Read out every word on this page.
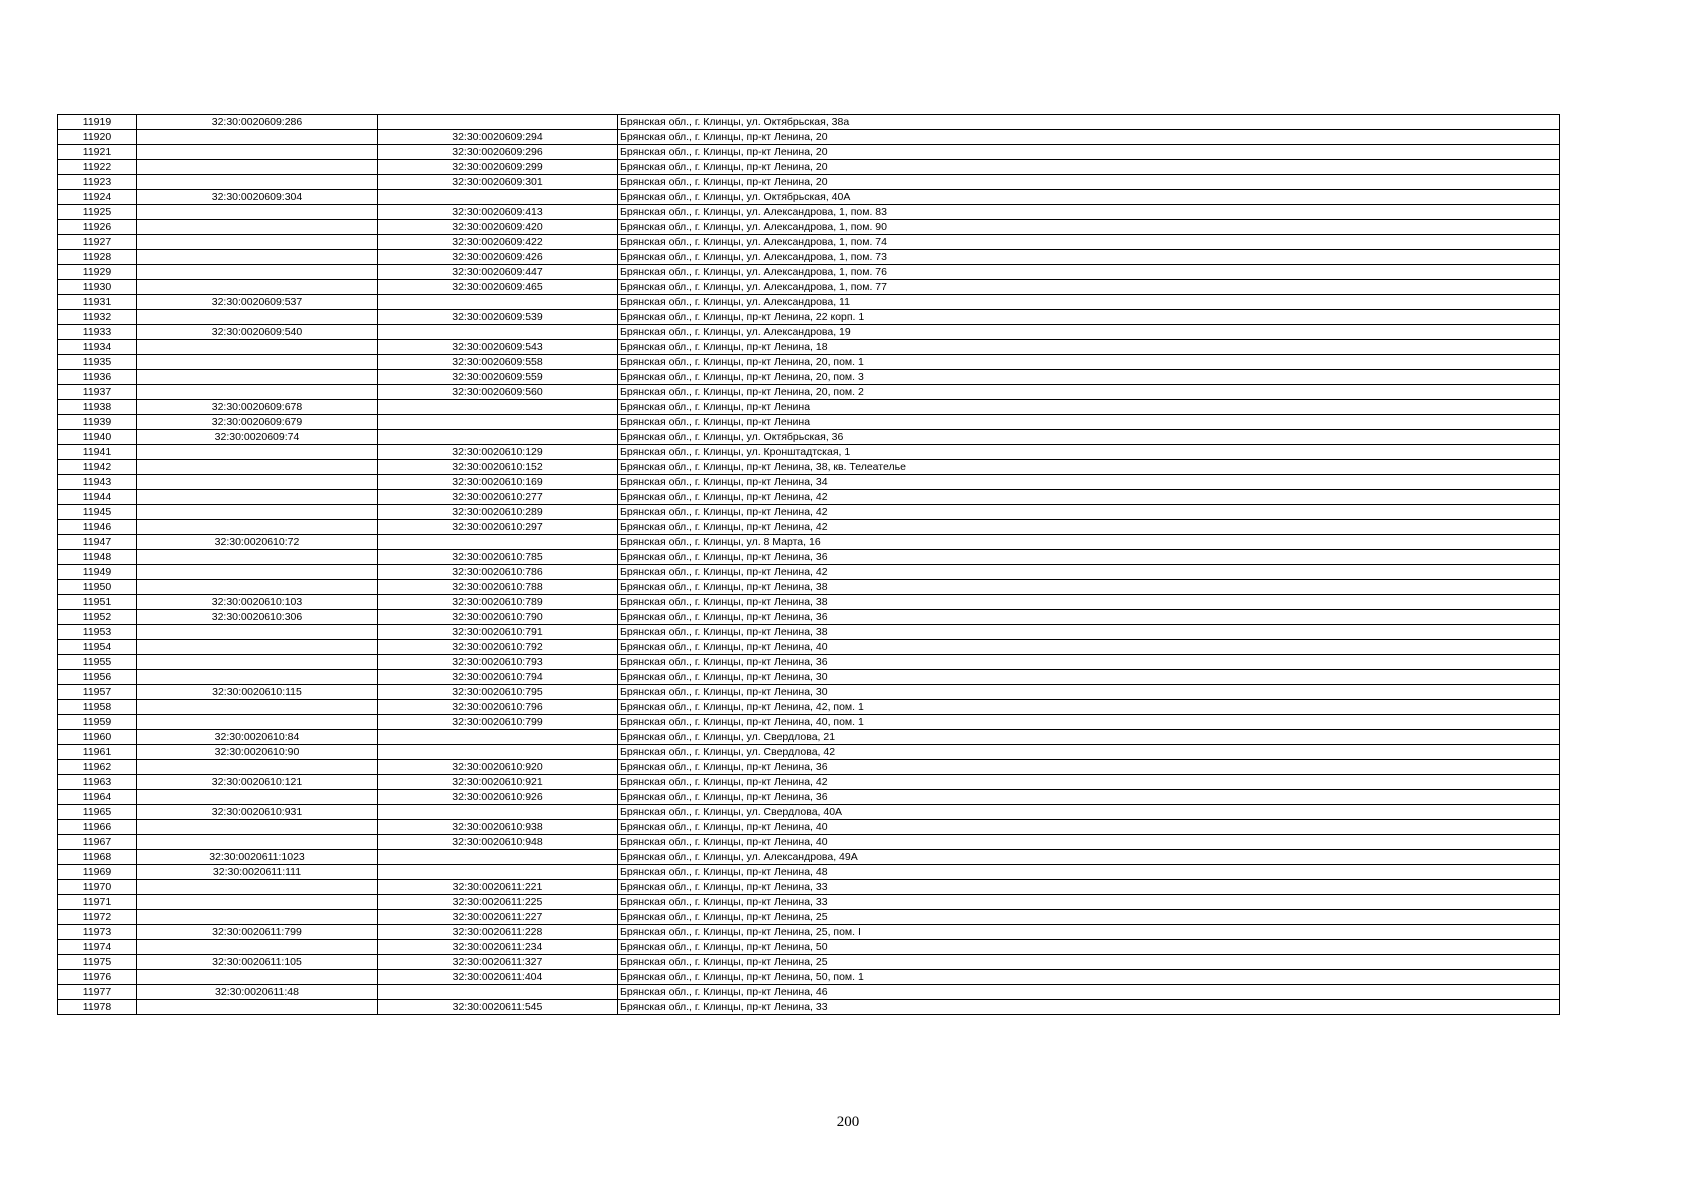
11919	32:30:0020609:286		Брянская обл., г. Клинцы, ул. Октябрьская, 38а
11920		32:30:0020609:294	Брянская обл., г. Клинцы, пр-кт Ленина, 20
11921		32:30:0020609:296	Брянская обл., г. Клинцы, пр-кт Ленина, 20
11922		32:30:0020609:299	Брянская обл., г. Клинцы, пр-кт Ленина, 20
11923		32:30:0020609:301	Брянская обл., г. Клинцы, пр-кт Ленина, 20
11924	32:30:0020609:304		Брянская обл., г. Клинцы, ул. Октябрьская, 40А
11925		32:30:0020609:413	Брянская обл., г. Клинцы, ул. Александрова, 1, пом. 83
11926		32:30:0020609:420	Брянская обл., г. Клинцы, ул. Александрова, 1, пом. 90
11927		32:30:0020609:422	Брянская обл., г. Клинцы, ул. Александрова, 1, пом. 74
11928		32:30:0020609:426	Брянская обл., г. Клинцы, ул. Александрова, 1, пом. 73
11929		32:30:0020609:447	Брянская обл., г. Клинцы, ул. Александрова, 1, пом. 76
11930		32:30:0020609:465	Брянская обл., г. Клинцы, ул. Александрова, 1, пом. 77
11931	32:30:0020609:537		Брянская обл., г. Клинцы, ул. Александрова, 11
11932		32:30:0020609:539	Брянская обл., г. Клинцы, пр-кт Ленина, 22 корп. 1
11933	32:30:0020609:540		Брянская обл., г. Клинцы, ул. Александрова, 19
11934		32:30:0020609:543	Брянская обл., г. Клинцы, пр-кт Ленина, 18
11935		32:30:0020609:558	Брянская обл., г. Клинцы, пр-кт Ленина, 20, пом. 1
11936		32:30:0020609:559	Брянская обл., г. Клинцы, пр-кт Ленина, 20, пом. 3
11937		32:30:0020609:560	Брянская обл., г. Клинцы, пр-кт Ленина, 20, пом. 2
11938	32:30:0020609:678		Брянская обл., г. Клинцы, пр-кт Ленина
11939	32:30:0020609:679		Брянская обл., г. Клинцы, пр-кт Ленина
11940	32:30:0020609:74		Брянская обл., г. Клинцы, ул. Октябрьская, 36
11941		32:30:0020610:129	Брянская обл., г. Клинцы, ул. Кронштадтская, 1
11942		32:30:0020610:152	Брянская обл., г. Клинцы, пр-кт Ленина, 38, кв. Телеателье
11943		32:30:0020610:169	Брянская обл., г. Клинцы, пр-кт Ленина, 34
11944		32:30:0020610:277	Брянская обл., г. Клинцы, пр-кт Ленина, 42
11945		32:30:0020610:289	Брянская обл., г. Клинцы, пр-кт Ленина, 42
11946		32:30:0020610:297	Брянская обл., г. Клинцы, пр-кт Ленина, 42
11947	32:30:0020610:72		Брянская обл., г. Клинцы, ул. 8 Марта, 16
11948		32:30:0020610:785	Брянская обл., г. Клинцы, пр-кт Ленина, 36
11949		32:30:0020610:786	Брянская обл., г. Клинцы, пр-кт Ленина, 42
11950		32:30:0020610:788	Брянская обл., г. Клинцы, пр-кт Ленина, 38
11951	32:30:0020610:103	32:30:0020610:789	Брянская обл., г. Клинцы, пр-кт Ленина, 38
11952	32:30:0020610:306	32:30:0020610:790	Брянская обл., г. Клинцы, пр-кт Ленина, 36
11953		32:30:0020610:791	Брянская обл., г. Клинцы, пр-кт Ленина, 38
11954		32:30:0020610:792	Брянская обл., г. Клинцы, пр-кт Ленина, 40
11955		32:30:0020610:793	Брянская обл., г. Клинцы, пр-кт Ленина, 36
11956		32:30:0020610:794	Брянская обл., г. Клинцы, пр-кт Ленина, 30
11957	32:30:0020610:115	32:30:0020610:795	Брянская обл., г. Клинцы, пр-кт Ленина, 30
11958		32:30:0020610:796	Брянская обл., г. Клинцы, пр-кт Ленина, 42, пом. 1
11959		32:30:0020610:799	Брянская обл., г. Клинцы, пр-кт Ленина, 40, пом. 1
11960	32:30:0020610:84		Брянская обл., г. Клинцы, ул. Свердлова, 21
11961	32:30:0020610:90		Брянская обл., г. Клинцы, ул. Свердлова, 42
11962		32:30:0020610:920	Брянская обл., г. Клинцы, пр-кт Ленина, 36
11963	32:30:0020610:121	32:30:0020610:921	Брянская обл., г. Клинцы, пр-кт Ленина, 42
11964		32:30:0020610:926	Брянская обл., г. Клинцы, пр-кт Ленина, 36
11965	32:30:0020610:931		Брянская обл., г. Клинцы, ул. Свердлова, 40А
11966		32:30:0020610:938	Брянская обл., г. Клинцы, пр-кт Ленина, 40
11967		32:30:0020610:948	Брянская обл., г. Клинцы, пр-кт Ленина, 40
11968	32:30:0020611:1023		Брянская обл., г. Клинцы, ул. Александрова, 49А
11969	32:30:0020611:111		Брянская обл., г. Клинцы, пр-кт Ленина, 48
11970		32:30:0020611:221	Брянская обл., г. Клинцы, пр-кт Ленина, 33
11971		32:30:0020611:225	Брянская обл., г. Клинцы, пр-кт Ленина, 33
11972		32:30:0020611:227	Брянская обл., г. Клинцы, пр-кт Ленина, 25
11973	32:30:0020611:799	32:30:0020611:228	Брянская обл., г. Клинцы, пр-кт Ленина, 25, пом. I
11974		32:30:0020611:234	Брянская обл., г. Клинцы, пр-кт Ленина, 50
11975	32:30:0020611:105	32:30:0020611:327	Брянская обл., г. Клинцы, пр-кт Ленина, 25
11976		32:30:0020611:404	Брянская обл., г. Клинцы, пр-кт Ленина, 50, пом. 1
11977	32:30:0020611:48		Брянская обл., г. Клинцы, пр-кт Ленина, 46
11978		32:30:0020611:545	Брянская обл., г. Клинцы, пр-кт Ленина, 33
200
